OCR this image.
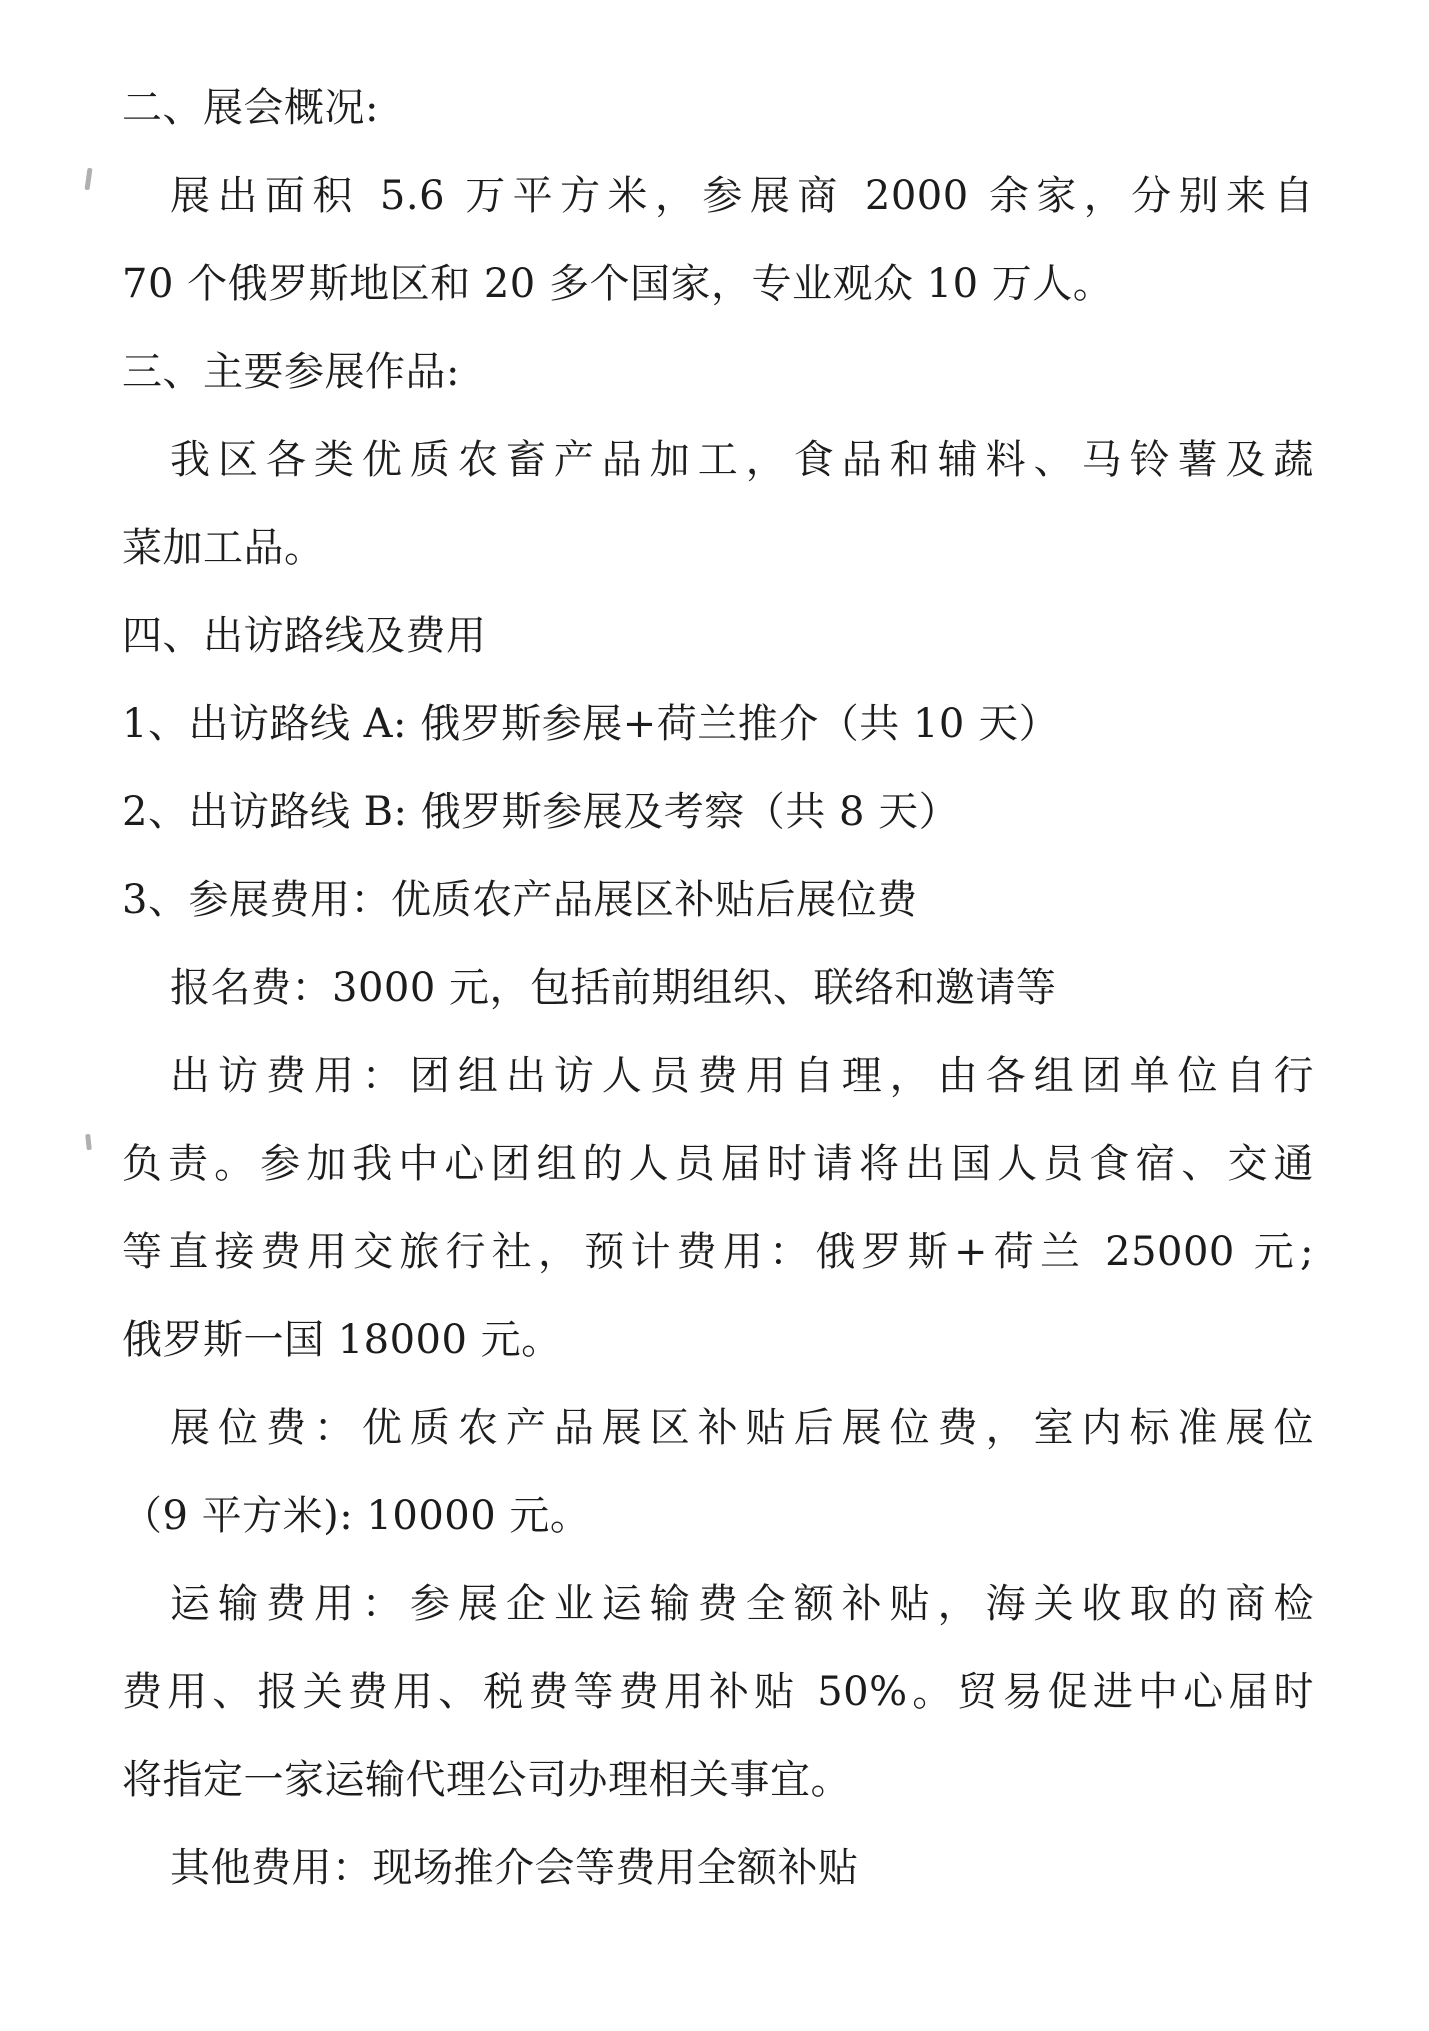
二、展会概况:
展出面积 5.6 万平方米，参展商 2000 余家，分别来自
70 个俄罗斯地区和 20 多个国家，专业观众 10 万人。
三、主要参展作品:
我区各类优质农畜产品加工，食品和辅料、马铃薯及蔬
菜加工品。
四、出访路线及费用
1、出访路线 A: 俄罗斯参展+荷兰推介（共 10 天）
2、出访路线 B: 俄罗斯参展及考察（共 8 天）
3、参展费用：优质农产品展区补贴后展位费
报名费：3000 元，包括前期组织、联络和邀请等
出访费用：团组出访人员费用自理，由各组团单位自行
负责。参加我中心团组的人员届时请将出国人员食宿、交通
等直接费用交旅行社，预计费用：俄罗斯+荷兰 25000 元;
俄罗斯一国 18000 元。
展位费：优质农产品展区补贴后展位费，室内标准展位
（9 平方米): 10000 元。
运输费用：参展企业运输费全额补贴，海关收取的商检
费用、报关费用、税费等费用补贴 50%。贸易促进中心届时
将指定一家运输代理公司办理相关事宜。
其他费用：现场推介会等费用全额补贴
